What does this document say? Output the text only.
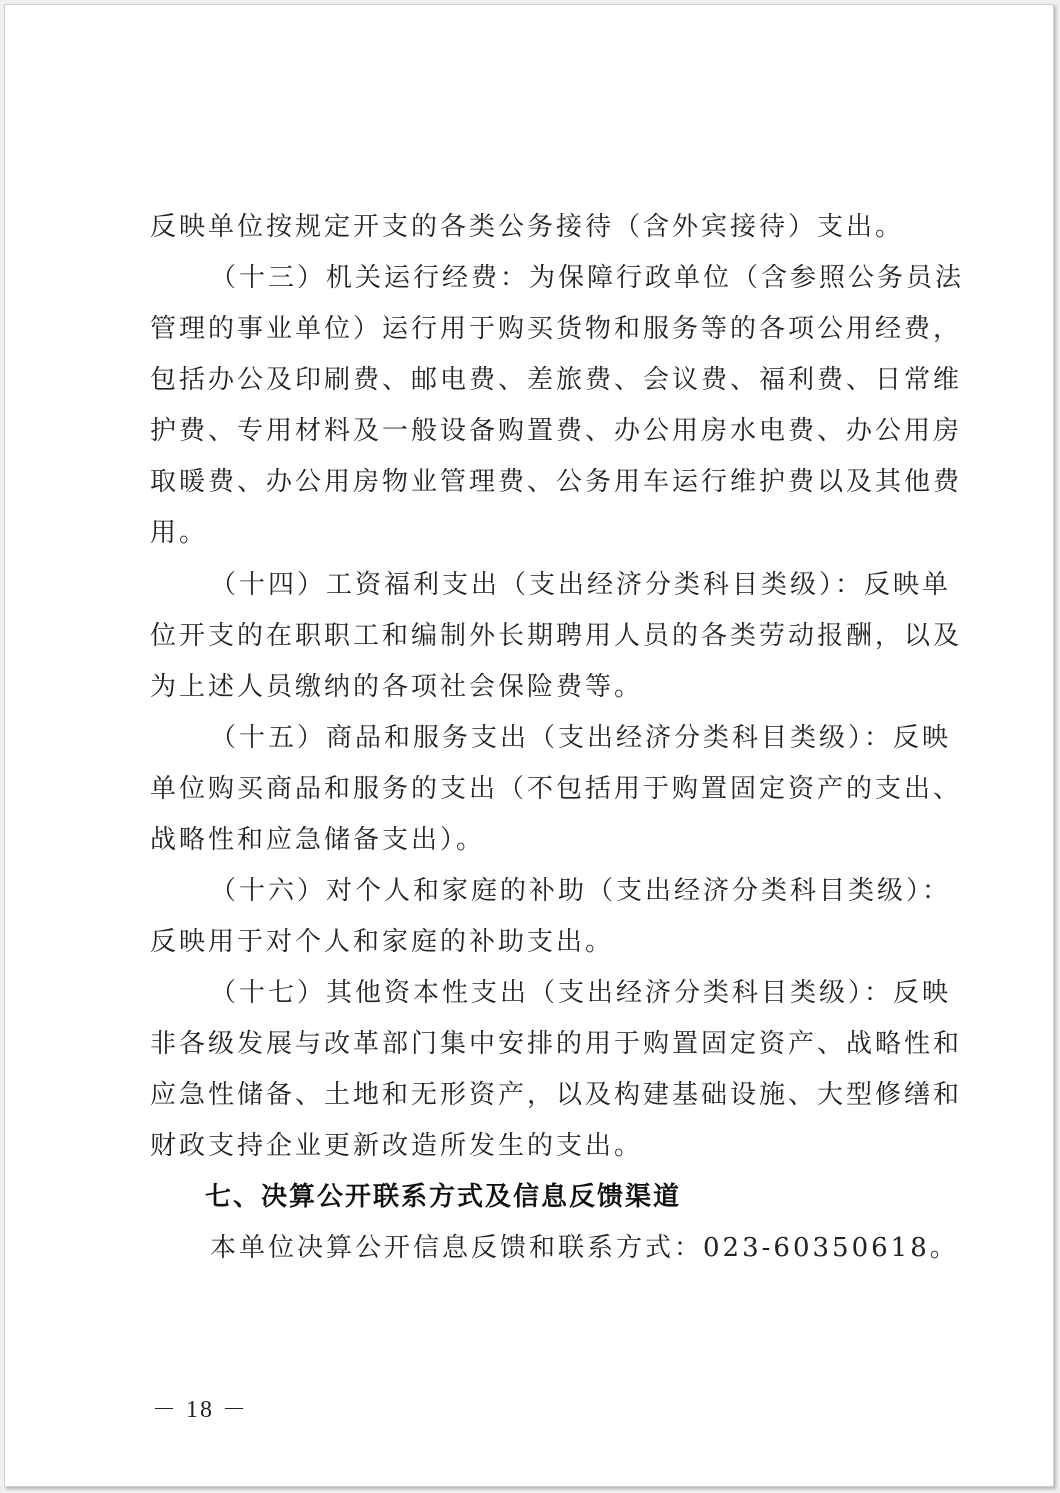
反映单位按规定开支的各类公务接待（含外宾接待）支出。
（十三）机关运行经费：为保障行政单位（含参照公务员法
管理的事业单位）运行用于购买货物和服务等的各项公用经费，
包括办公及印刷费、邮电费、差旅费、会议费、福利费、日常维
护费、专用材料及一般设备购置费、办公用房水电费、办公用房
取暖费、办公用房物业管理费、公务用车运行维护费以及其他费
用。
（十四）工资福利支出（支出经济分类科目类级）：反映单
位开支的在职职工和编制外长期聘用人员的各类劳动报酬，以及
为上述人员缴纳的各项社会保险费等。
（十五）商品和服务支出（支出经济分类科目类级）：反映
单位购买商品和服务的支出（不包括用于购置固定资产的支出、
战略性和应急储备支出）。
（十六）对个人和家庭的补助（支出经济分类科目类级）：
反映用于对个人和家庭的补助支出。
（十七）其他资本性支出（支出经济分类科目类级）：反映
非各级发展与改革部门集中安排的用于购置固定资产、战略性和
应急性储备、土地和无形资产，以及构建基础设施、大型修缮和
财政支持企业更新改造所发生的支出。
七、决算公开联系方式及信息反馈渠道
本单位决算公开信息反馈和联系方式：023-60350618。
－ 18 －
